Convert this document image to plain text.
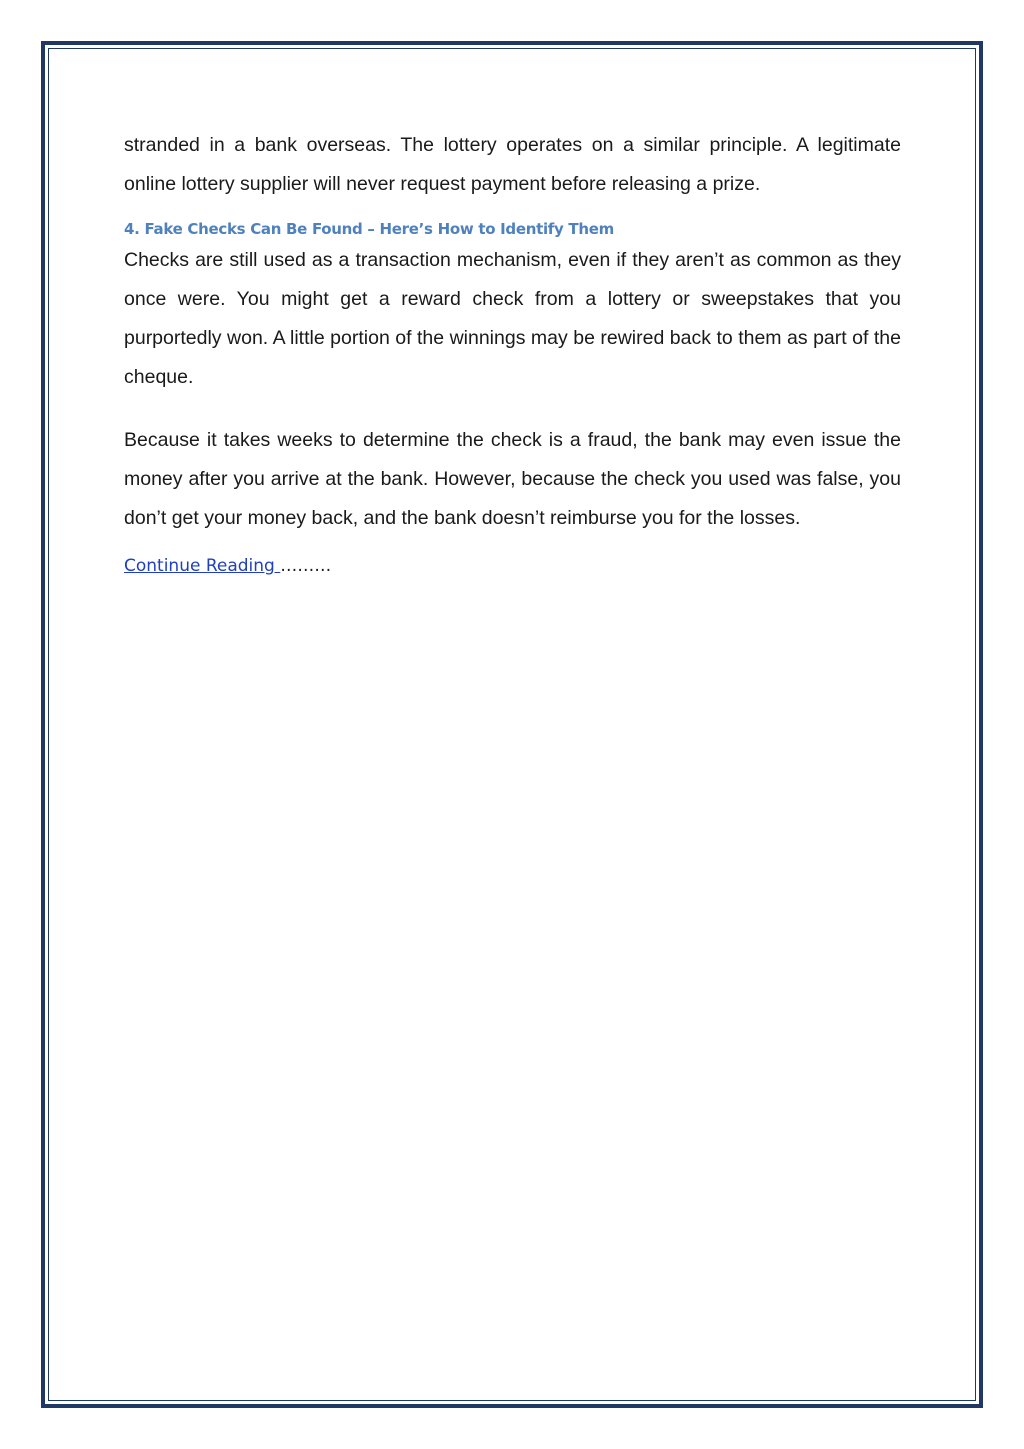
stranded in a bank overseas. The lottery operates on a similar principle. A legitimate online lottery supplier will never request payment before releasing a prize.

4. Fake Checks Can Be Found – Here’s How to Identify Them

Checks are still used as a transaction mechanism, even if they aren’t as common as they once were. You might get a reward check from a lottery or sweepstakes that you purportedly won. A little portion of the winnings may be rewired back to them as part of the cheque.

Because it takes weeks to determine the check is a fraud, the bank may even issue the money after you arrive at the bank. However, because the check you used was false, you don’t get your money back, and the bank doesn’t reimburse you for the losses.

Continue Reading ………
